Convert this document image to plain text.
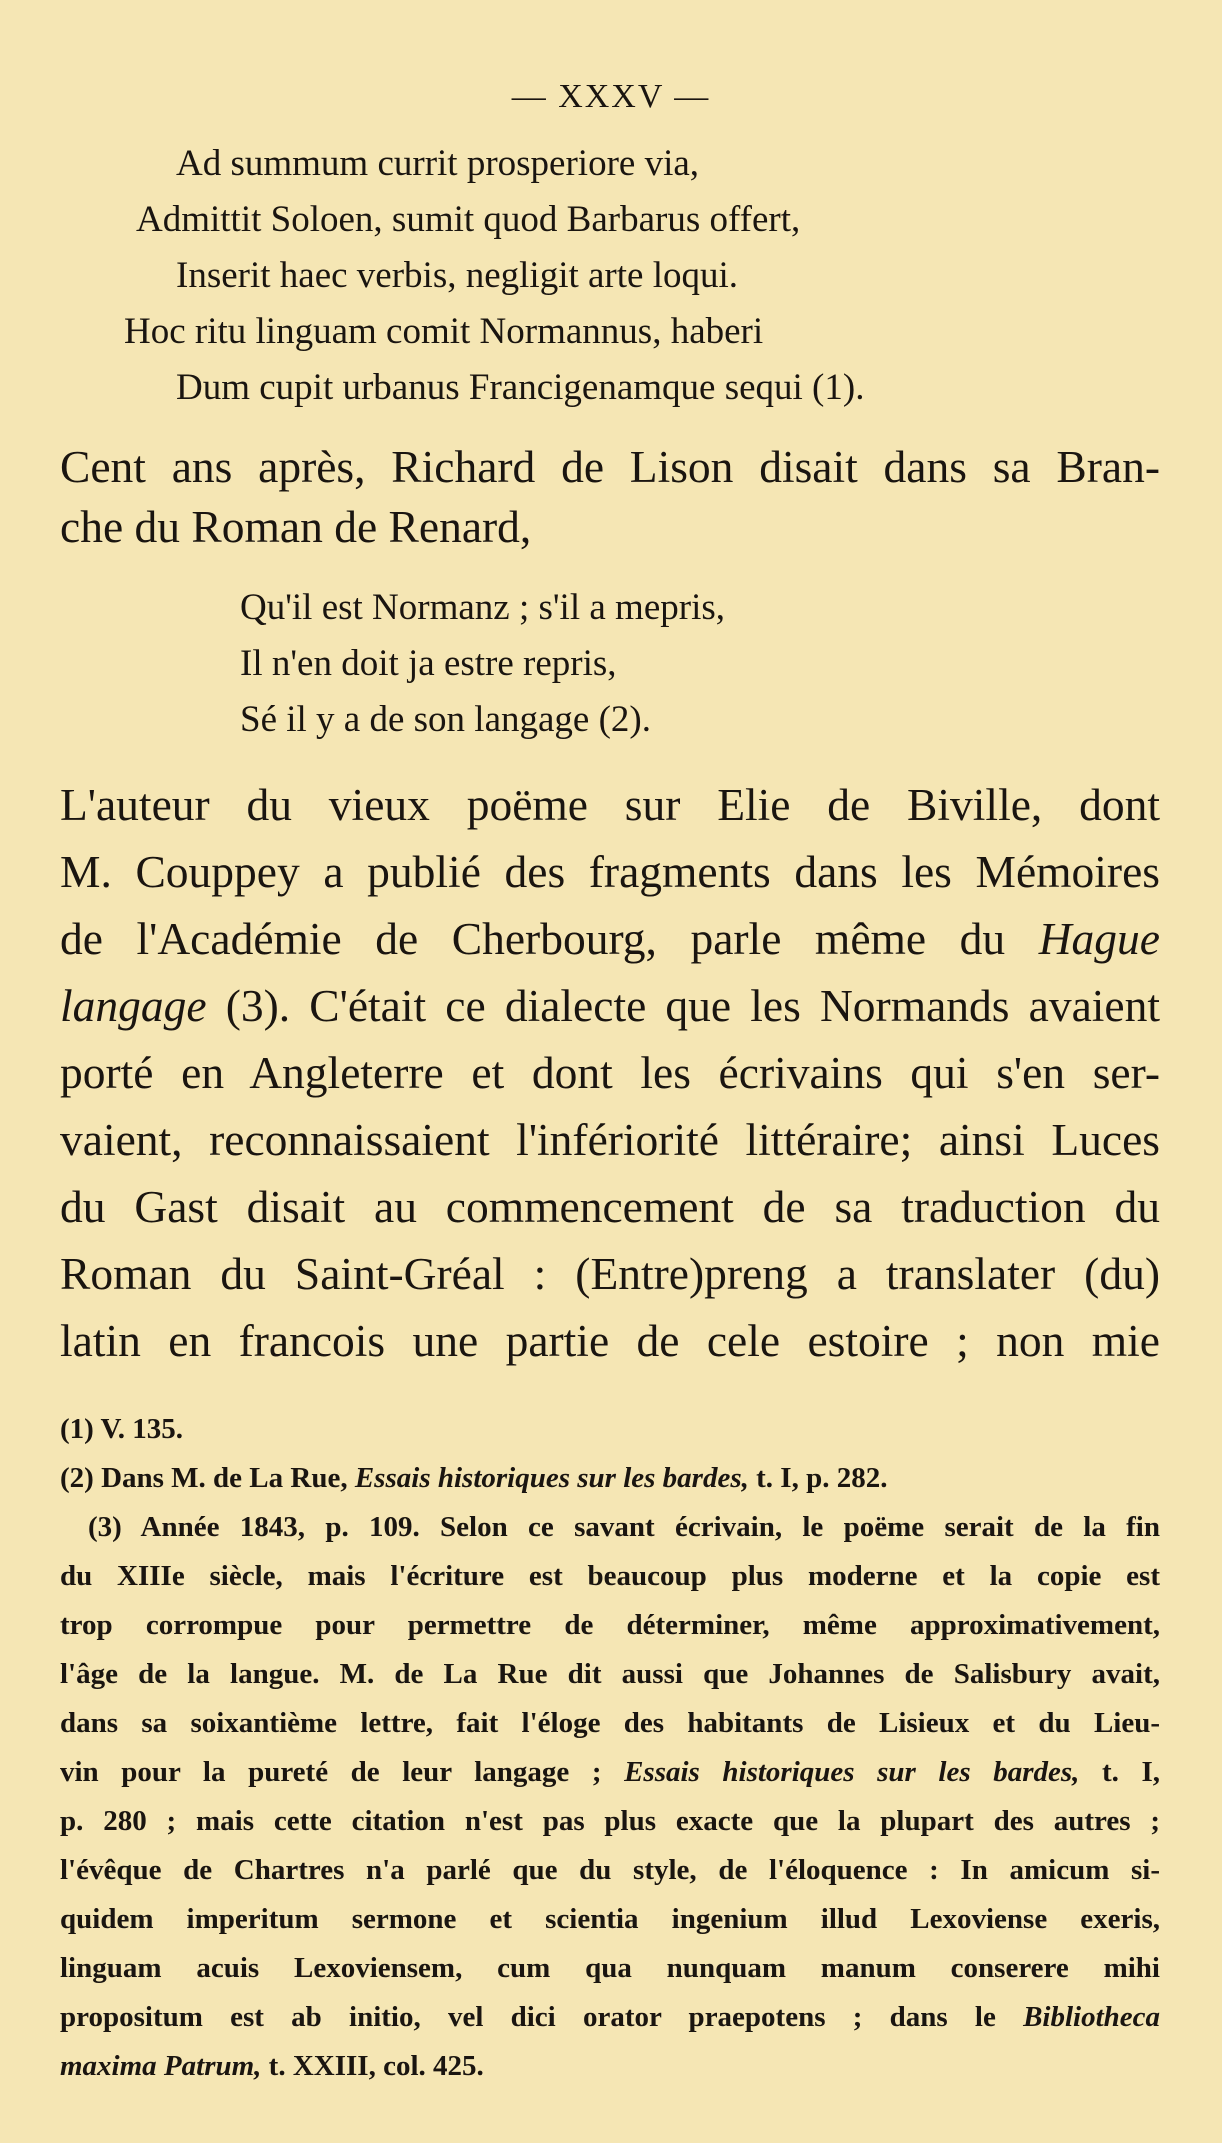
— XXXV —
Ad summum currit prosperiore via,
Admittit Soloen, sumit quod Barbarus offert,
Inserit haec verbis, negligit arte loqui.
Hoc ritu linguam comit Normannus, haberi
Dum cupit urbanus Francigenamque sequi (1).
Cent ans après, Richard de Lison disait dans sa Bran-
che du Roman de Renard,
Qu'il est Normanz ; s'il a mepris,
Il n'en doit ja estre repris,
Sé il y a de son langage (2).
L'auteur du vieux poëme sur Elie de Biville, dont
M. Couppey a publié des fragments dans les Mémoires
de l'Académie de Cherbourg, parle même du Hague
langage (3). C'était ce dialecte que les Normands avaient
porté en Angleterre et dont les écrivains qui s'en ser-
vaient, reconnaissaient l'infériorité littéraire; ainsi Luces
du Gast disait au commencement de sa traduction du
Roman du Saint-Gréal : (Entre)preng a translater (du)
latin en francois une partie de cele estoire ; non mie
(1) V. 135.
(2) Dans M. de La Rue, Essais historiques sur les bardes, t. I, p. 282.
(3) Année 1843, p. 109. Selon ce savant écrivain, le poëme serait de la fin
du XIIIe siècle, mais l'écriture est beaucoup plus moderne et la copie est
trop corrompue pour permettre de déterminer, même approximativement,
l'âge de la langue. M. de La Rue dit aussi que Johannes de Salisbury avait,
dans sa soixantième lettre, fait l'éloge des habitants de Lisieux et du Lieu-
vin pour la pureté de leur langage ; Essais historiques sur les bardes, t. I,
p. 280 ; mais cette citation n'est pas plus exacte que la plupart des autres ;
l'évêque de Chartres n'a parlé que du style, de l'éloquence : In amicum si-
quidem imperitum sermone et scientia ingenium illud Lexoviense exeris,
linguam acuis Lexoviensem, cum qua nunquam manum conserere mihi
propositum est ab initio, vel dici orator praepotens ; dans le Bibliotheca
maxima Patrum, t. XXIII, col. 425.
